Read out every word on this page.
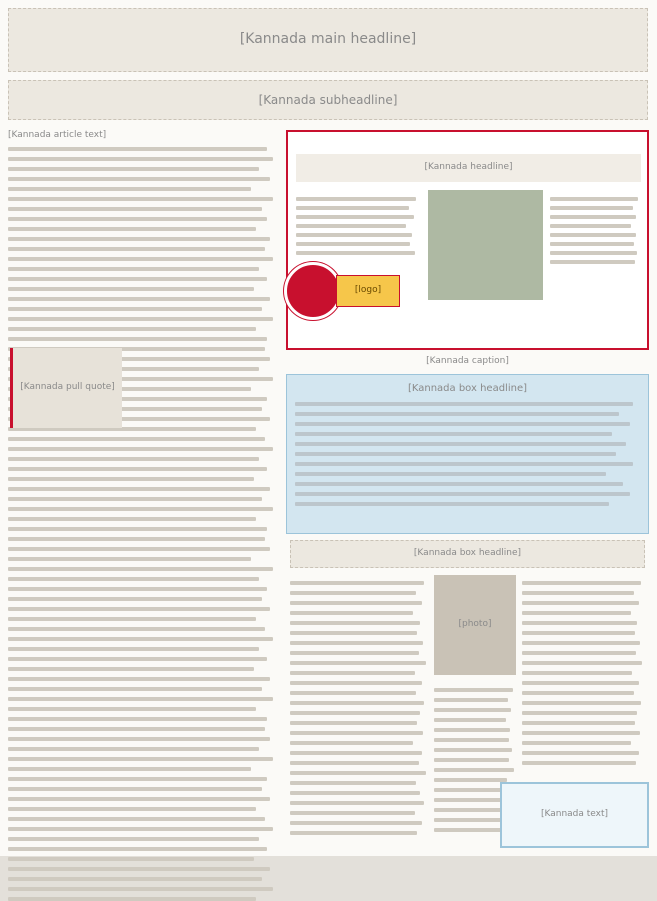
[Kannada main headline]
[Kannada subheadline]
[Kannada article text]
[Kannada pull quote]
[Kannada headline]
[logo]
[Kannada caption]
[Kannada box headline]
[Kannada box headline]
[photo]
[Kannada text]
